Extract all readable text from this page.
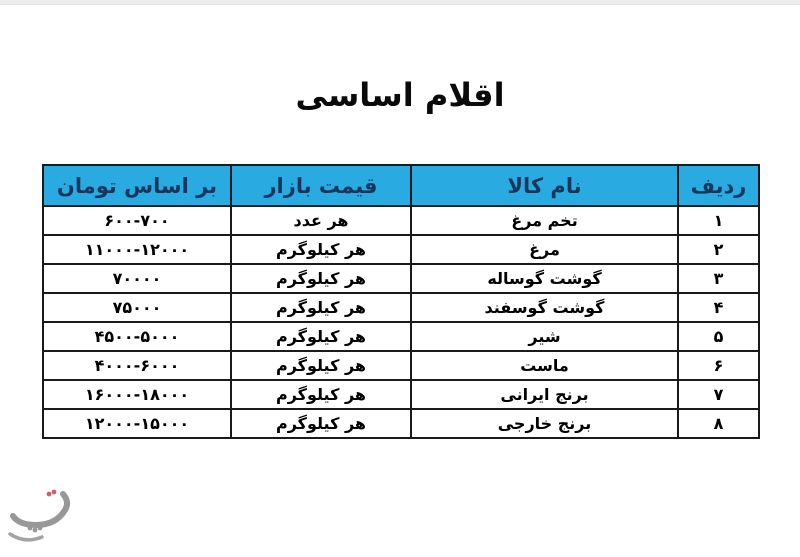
اقلام اساسی
ردیف	نام کالا	قیمت بازار	بر اساس تومان
۱	تخم مرغ	هر عدد	۶۰۰-۷۰۰
۲	مرغ	هر کیلوگرم	۱۱۰۰۰-۱۲۰۰۰
۳	گوشت گوساله	هر کیلوگرم	۷۰۰۰۰
۴	گوشت گوسفند	هر کیلوگرم	۷۵۰۰۰
۵	شیر	هر کیلوگرم	۴۵۰۰-۵۰۰۰
۶	ماست	هر کیلوگرم	۴۰۰۰-۶۰۰۰
۷	برنج ایرانی	هر کیلوگرم	۱۶۰۰۰-۱۸۰۰۰
۸	برنج خارجی	هر کیلوگرم	۱۲۰۰۰-۱۵۰۰۰
